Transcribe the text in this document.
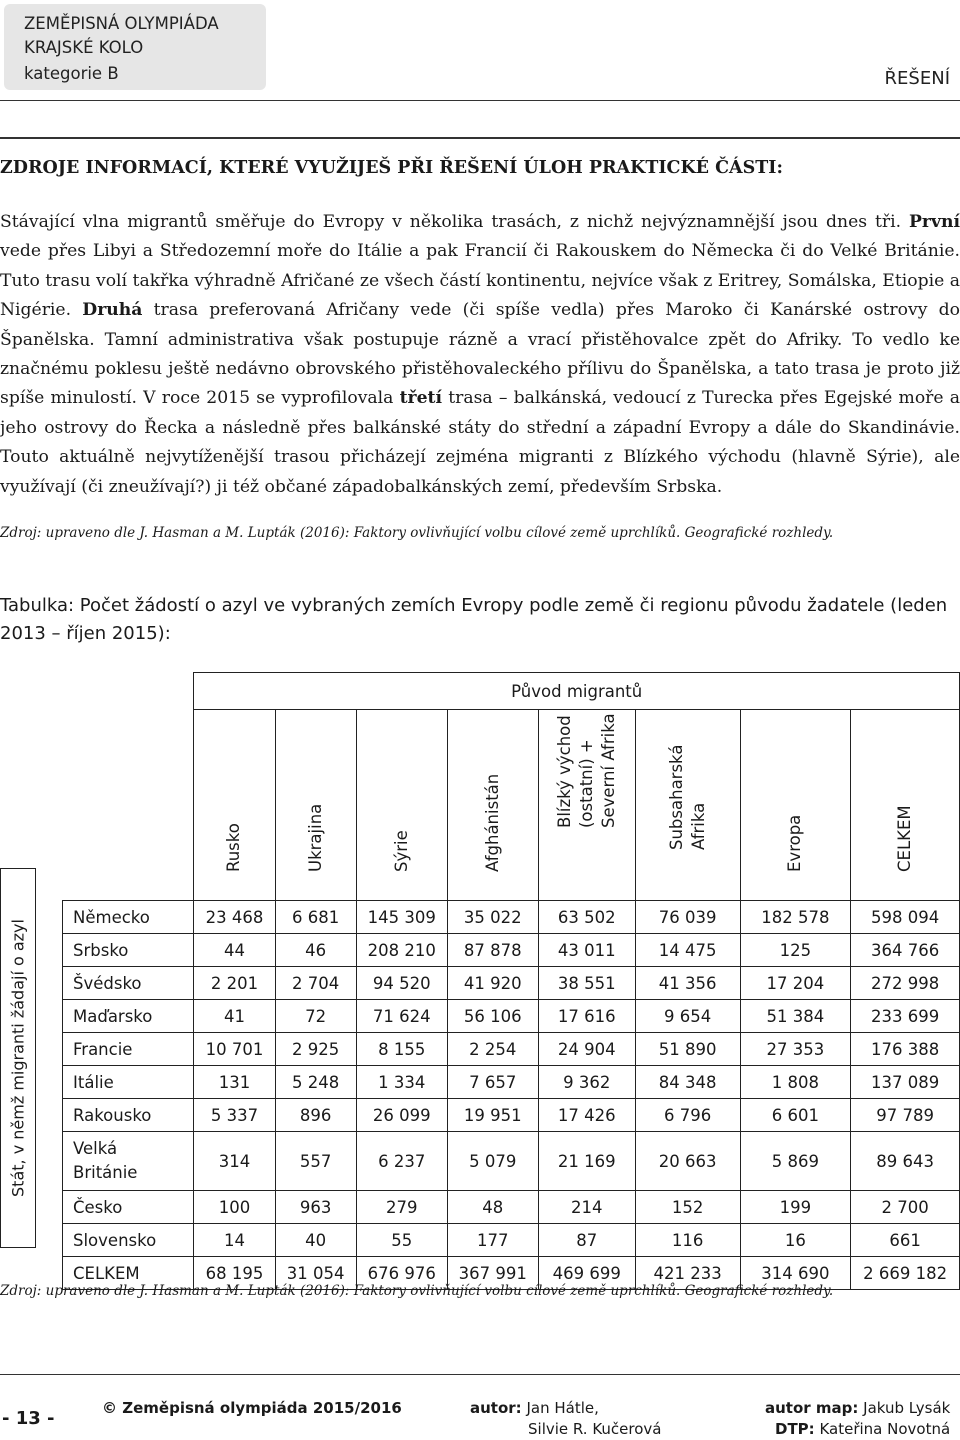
ZEMĚPISNÁ OLYMPIÁDA
KRAJSKÉ KOLO
kategorie B	ŘEŠENÍ
ZDROJE INFORMACÍ, KTERÉ VYUŽIJEŠ PŘI ŘEŠENÍ ÚLOH PRAKTICKÉ ČÁSTI:
Stávající vlna migrantů směřuje do Evropy v několika trasách, z nichž nejvýznamnější jsou dnes tři. První vede přes Libyi a Středozemní moře do Itálie a pak Francií či Rakouskem do Německa či do Velké Británie. Tuto trasu volí takřka výhradně Afričané ze všech částí kontinentu, nejvíce však z Eritrey, Somálska, Etiopie a Nigérie. Druhá trasa preferovaná Afričany vede (či spíše vedla) přes Maroko či Kanárské ostrovy do Španělska. Tamní administrativa však postupuje rázně a vrací přistěhovalce zpět do Afriky. To vedlo ke značnému poklesu ještě nedávno obrovského přistěhovaleckého přílivu do Španělska, a tato trasa je proto již spíše minulostí. V roce 2015 se vyprofilovala třetí trasa – balkánská, vedoucí z Turecka přes Egejské moře a jeho ostrovy do Řecka a následně přes balkánské státy do střední a západní Evropy a dále do Skandinávie. Touto aktuálně nejvytíženější trasou přicházejí zejména migranti z Blízkého východu (hlavně Sýrie), ale využívají (či zneužívají?) ji též občané západobalkánských zemí, především Srbska.
Zdroj: upraveno dle J. Hasman a M. Lupták (2016): Faktory ovlivňující volbu cílové země uprchlíků. Geografické rozhledy.
Tabulka: Počet žádostí o azyl ve vybraných zemích Evropy podle země či regionu původu žadatele (leden 2013 – říjen 2015):
Stát, v němž migranti žádají o azyl
	Původ migrantů							

	Rusko	Ukrajina	Sýrie	Afghánistán	Blízký východ (ostatní) + Severní Afrika	Subsaharská Afrika	Evropa	CELKEM

Německo	23 468	6 681	145 309	35 022	63 502	76 039	182 578	598 094
Srbsko	44	46	208 210	87 878	43 011	14 475	125	364 766
Švédsko	2 201	2 704	94 520	41 920	38 551	41 356	17 204	272 998
Maďarsko	41	72	71 624	56 106	17 616	9 654	51 384	233 699
Francie	10 701	2 925	8 155	2 254	24 904	51 890	27 353	176 388
Itálie	131	5 248	1 334	7 657	9 362	84 348	1 808	137 089
Rakousko	5 337	896	26 099	19 951	17 426	6 796	6 601	97 789
Velká
Británie	314	557	6 237	5 079	21 169	20 663	5 869	89 643
Česko	100	963	279	48	214	152	199	2 700
Slovensko	14	40	55	177	87	116	16	661
CELKEM	68 195	31 054	676 976	367 991	469 699	421 233	314 690	2 669 182
Zdroj: upraveno dle J. Hasman a M. Lupták (2016): Faktory ovlivňující volbu cílové země uprchlíků. Geografické rozhledy.
- 13 -	© Zeměpisná olympiáda 2015/2016	autor: Jan Hátle,
Silvie R. Kučerová
autor map: Jakub Lysák
DTP: Kateřina Novotná
